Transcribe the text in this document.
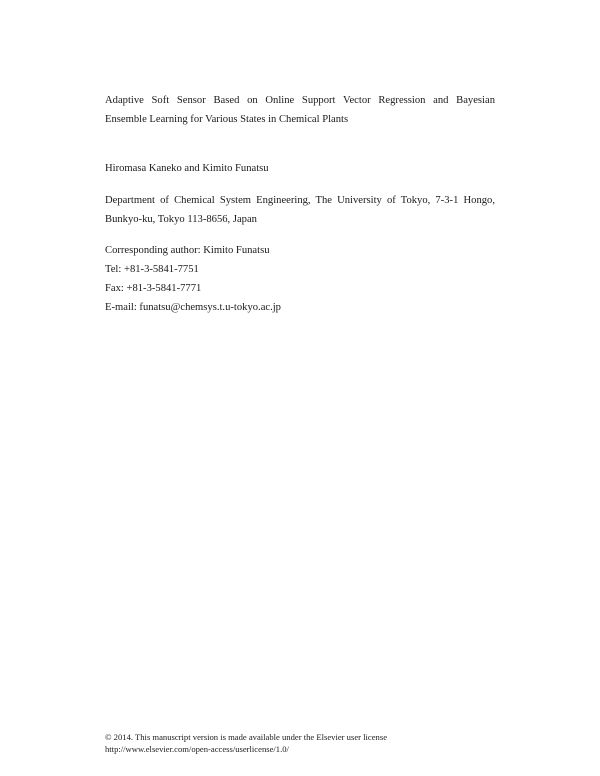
Adaptive Soft Sensor Based on Online Support Vector Regression and Bayesian
Ensemble Learning for Various States in Chemical Plants
Hiromasa Kaneko and Kimito Funatsu
Department of Chemical System Engineering, The University of Tokyo, 7-3-1 Hongo,
Bunkyo-ku, Tokyo 113-8656, Japan
Corresponding author: Kimito Funatsu
Tel: +81-3-5841-7751
Fax: +81-3-5841-7771
E-mail: funatsu@chemsys.t.u-tokyo.ac.jp
© 2014. This manuscript version is made available under the Elsevier user license
http://www.elsevier.com/open-access/userlicense/1.0/
